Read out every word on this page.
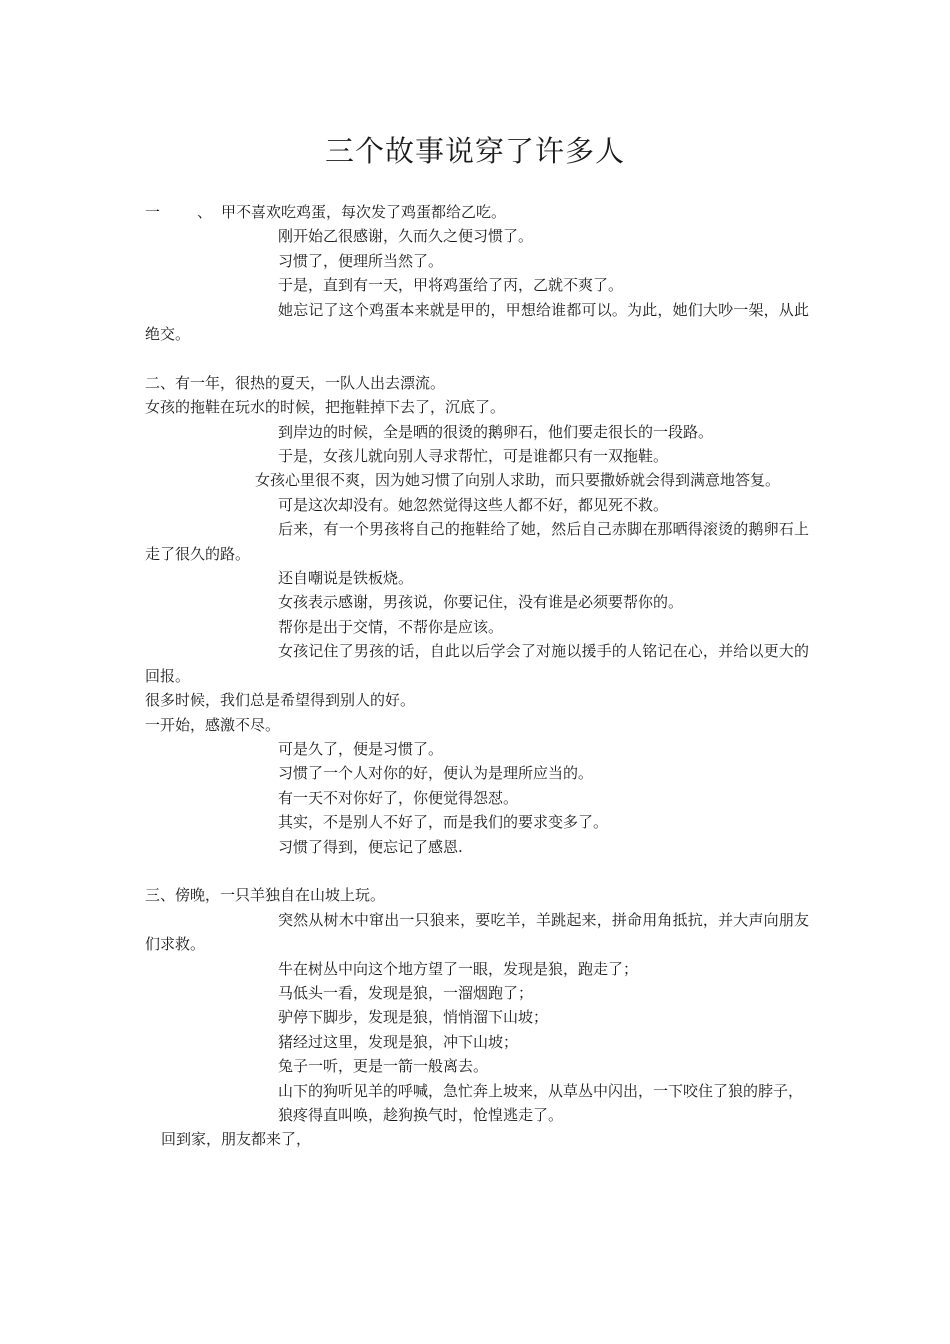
三个故事说穿了许多人

一 、 甲不喜欢吃鸡蛋，每次发了鸡蛋都给乙吃。

刚开始乙很感谢，久而久之便习惯了。

习惯了，便理所当然了。

于是，直到有一天，甲将鸡蛋给了丙，乙就不爽了。

她忘记了这个鸡蛋本来就是甲的，甲想给谁都可以。为此，她们大吵一架，从此绝交。

二、有一年，很热的夏天，一队人出去漂流。

女孩的拖鞋在玩水的时候，把拖鞋掉下去了，沉底了。

到岸边的时候，全是晒的很烫的鹅卵石，他们要走很长的一段路。

于是，女孩儿就向别人寻求帮忙，可是谁都只有一双拖鞋。

女孩心里很不爽，因为她习惯了向别人求助，而只要撒娇就会得到满意地答复。

可是这次却没有。她忽然觉得这些人都不好，都见死不救。

后来，有一个男孩将自己的拖鞋给了她，然后自己赤脚在那晒得滚烫的鹅卵石上走了很久的路。

还自嘲说是铁板烧。

女孩表示感谢，男孩说，你要记住，没有谁是必须要帮你的。

帮你是出于交情，不帮你是应该。

女孩记住了男孩的话，自此以后学会了对施以援手的人铭记在心，并给以更大的回报。

很多时候，我们总是希望得到别人的好。

一开始，感激不尽。

可是久了，便是习惯了。

习惯了一个人对你的好，便认为是理所应当的。

有一天不对你好了，你便觉得怨怼。

其实，不是别人不好了，而是我们的要求变多了。

习惯了得到，便忘记了感恩.

三、傍晚，一只羊独自在山坡上玩。

突然从树木中窜出一只狼来，要吃羊，羊跳起来，拼命用角抵抗，并大声向朋友们求救。

牛在树丛中向这个地方望了一眼，发现是狼，跑走了；

马低头一看，发现是狼，一溜烟跑了；

驴停下脚步，发现是狼，悄悄溜下山坡；

猪经过这里，发现是狼，冲下山坡；

兔子一听，更是一箭一般离去。

山下的狗听见羊的呼喊，急忙奔上坡来，从草丛中闪出，一下咬住了狼的脖子，

狼疼得直叫唤，趁狗换气时，怆惶逃走了。

回到家，朋友都来了，
